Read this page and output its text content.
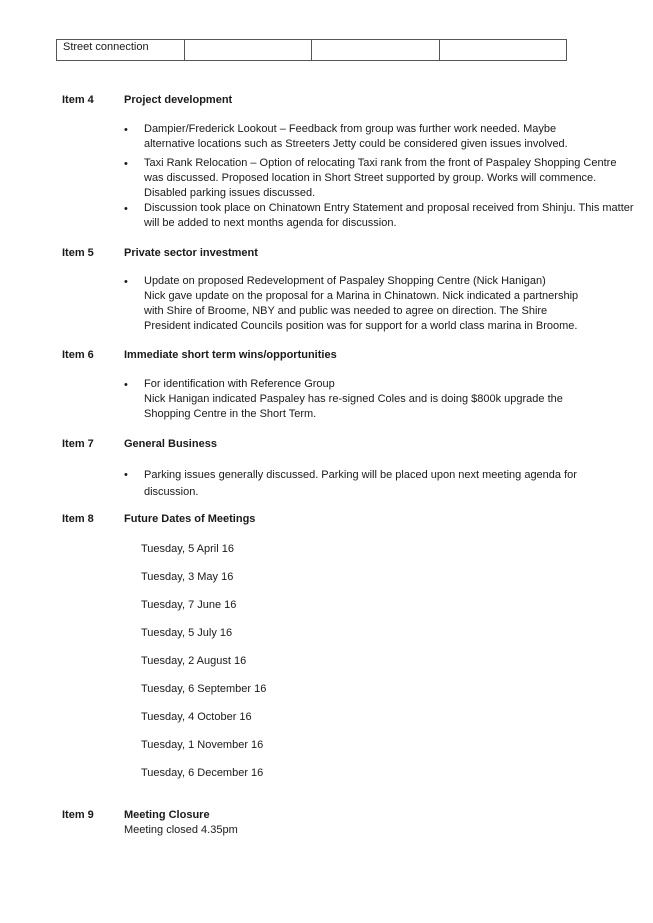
Street connection			
Item 4	Project development
• Dampier/Frederick Lookout – Feedback from group was further work needed. Maybe
alternative locations such as Streeters Jetty could be considered given issues involved.
• Taxi Rank Relocation – Option of relocating Taxi rank from the front of Paspaley Shopping Centre
was discussed. Proposed location in Short Street supported by group. Works will commence.
Disabled parking issues discussed.
• Discussion took place on Chinatown Entry Statement and proposal received from Shinju. This matter
will be added to next months agenda for discussion.
Item 5	Private sector investment
• Update on proposed Redevelopment of Paspaley Shopping Centre (Nick Hanigan)
Nick gave update on the proposal for a Marina in Chinatown. Nick indicated a partnership
with Shire of Broome, NBY and public was needed to agree on direction. The Shire
President indicated Councils position was for support for a world class marina in Broome.
Item 6	Immediate short term wins/opportunities
• For identification with Reference Group
Nick Hanigan indicated Paspaley has re-signed Coles and is doing $800k upgrade the
Shopping Centre in the Short Term.
Item 7	General Business
• Parking issues generally discussed. Parking will be placed upon next meeting agenda for
discussion.
Item 8	Future Dates of Meetings
Tuesday, 5 April 16
Tuesday, 3 May 16
Tuesday, 7 June 16
Tuesday, 5 July 16
Tuesday, 2 August 16
Tuesday, 6 September 16
Tuesday, 4 October 16
Tuesday, 1 November 16
Tuesday, 6 December 16
Item 9	Meeting Closure
Meeting closed 4.35pm
